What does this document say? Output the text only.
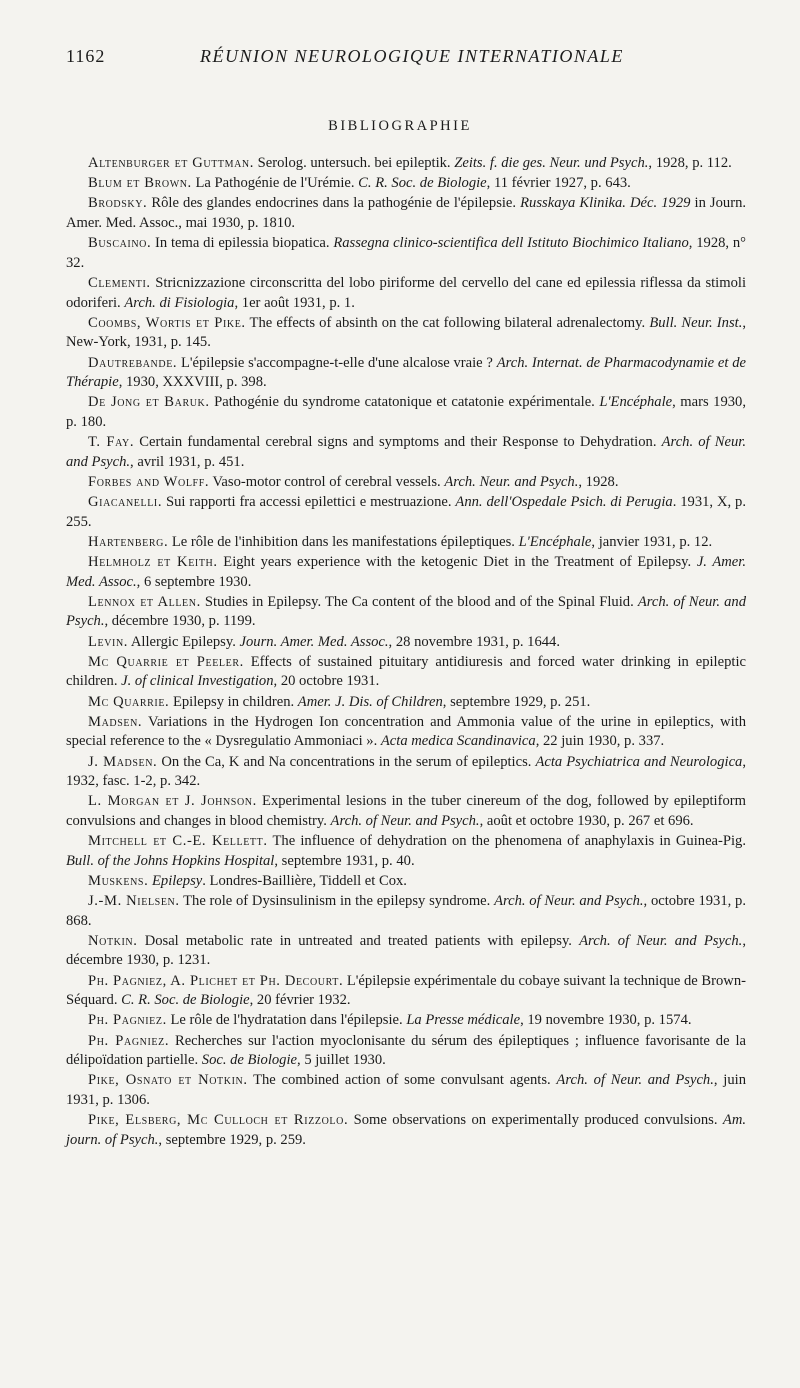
1162	RÉUNION NEUROLOGIQUE INTERNATIONALE
BIBLIOGRAPHIE

Altenburger et Guttman. Serolog. untersuch. bei epileptik. Zeits. f. die ges. Neur. und Psych., 1928, p. 112.

Blum et Brown. La Pathogénie de l'Urémie. C. R. Soc. de Biologie, 11 février 1927, p. 643.

Brodsky. Rôle des glandes endocrines dans la pathogénie de l'épilepsie. Russkaya Klinika. Déc. 1929 in Journ. Amer. Med. Assoc., mai 1930, p. 1810.

Buscaino. In tema di epilessia biopatica. Rassegna clinico-scientifica dell Istituto Biochimico Italiano, 1928, n° 32.

Clementi. Stricnizzazione circonscritta del lobo piriforme del cervello del cane ed epilessia riflessa da stimoli odoriferi. Arch. di Fisiologia, 1er août 1931, p. 1.

Coombs, Wortis et Pike. The effects of absinth on the cat following bilateral adrenalectomy. Bull. Neur. Inst., New-York, 1931, p. 145.

Dautrebande. L'épilepsie s'accompagne-t-elle d'une alcalose vraie ? Arch. Internat. de Pharmacodynamie et de Thérapie, 1930, XXXVIII, p. 398.

De Jong et Baruk. Pathogénie du syndrome catatonique et catatonie expérimentale. L'Encéphale, mars 1930, p. 180.

T. Fay. Certain fundamental cerebral signs and symptoms and their Response to Dehydration. Arch. of Neur. and Psych., avril 1931, p. 451.

Forbes and Wolff. Vaso-motor control of cerebral vessels. Arch. Neur. and Psych., 1928.

Giacanelli. Sui rapporti fra accessi epilettici e mestruazione. Ann. dell'Ospedale Psich. di Perugia. 1931, X, p. 255.

Hartenberg. Le rôle de l'inhibition dans les manifestations épileptiques. L'Encéphale, janvier 1931, p. 12.

Helmholz et Keith. Eight years experience with the ketogenic Diet in the Treatment of Epilepsy. J. Amer. Med. Assoc., 6 septembre 1930.

Lennox et Allen. Studies in Epilepsy. The Ca content of the blood and of the Spinal Fluid. Arch. of Neur. and Psych., décembre 1930, p. 1199.

Levin. Allergic Epilepsy. Journ. Amer. Med. Assoc., 28 novembre 1931, p. 1644.

Mc Quarrie et Peeler. Effects of sustained pituitary antidiuresis and forced water drinking in epileptic children. J. of clinical Investigation, 20 octobre 1931.

Mc Quarrie. Epilepsy in children. Amer. J. Dis. of Children, septembre 1929, p. 251.

Madsen. Variations in the Hydrogen Ion concentration and Ammonia value of the urine in epileptics, with special reference to the « Dysregulatio Ammoniaci ». Acta medica Scandinavica, 22 juin 1930, p. 337.

J. Madsen. On the Ca, K and Na concentrations in the serum of epileptics. Acta Psychiatrica and Neurologica, 1932, fasc. 1-2, p. 342.

L. Morgan et J. Johnson. Experimental lesions in the tuber cinereum of the dog, followed by epileptiform convulsions and changes in blood chemistry. Arch. of Neur. and Psych., août et octobre 1930, p. 267 et 696.

Mitchell et C.-E. Kellett. The influence of dehydration on the phenomena of anaphylaxis in Guinea-Pig. Bull. of the Johns Hopkins Hospital, septembre 1931, p. 40.

Muskens. Epilepsy. Londres-Baillière, Tiddell et Cox.

J.-M. Nielsen. The role of Dysinsulinism in the epilepsy syndrome. Arch. of Neur. and Psych., octobre 1931, p. 868.

Notkin. Dosal metabolic rate in untreated and treated patients with epilepsy. Arch. of Neur. and Psych., décembre 1930, p. 1231.

Ph. Pagniez, A. Plichet et Ph. Decourt. L'épilepsie expérimentale du cobaye suivant la technique de Brown-Séquard. C. R. Soc. de Biologie, 20 février 1932.

Ph. Pagniez. Le rôle de l'hydratation dans l'épilepsie. La Presse médicale, 19 novembre 1930, p. 1574.

Ph. Pagniez. Recherches sur l'action myoclonisante du sérum des épileptiques ; influence favorisante de la délipoïdation partielle. Soc. de Biologie, 5 juillet 1930.

Pike, Osnato et Notkin. The combined action of some convulsant agents. Arch. of Neur. and Psych., juin 1931, p. 1306.

Pike, Elsberg, Mc Culloch et Rizzolo. Some observations on experimentally produced convulsions. Am. journ. of Psych., septembre 1929, p. 259.
